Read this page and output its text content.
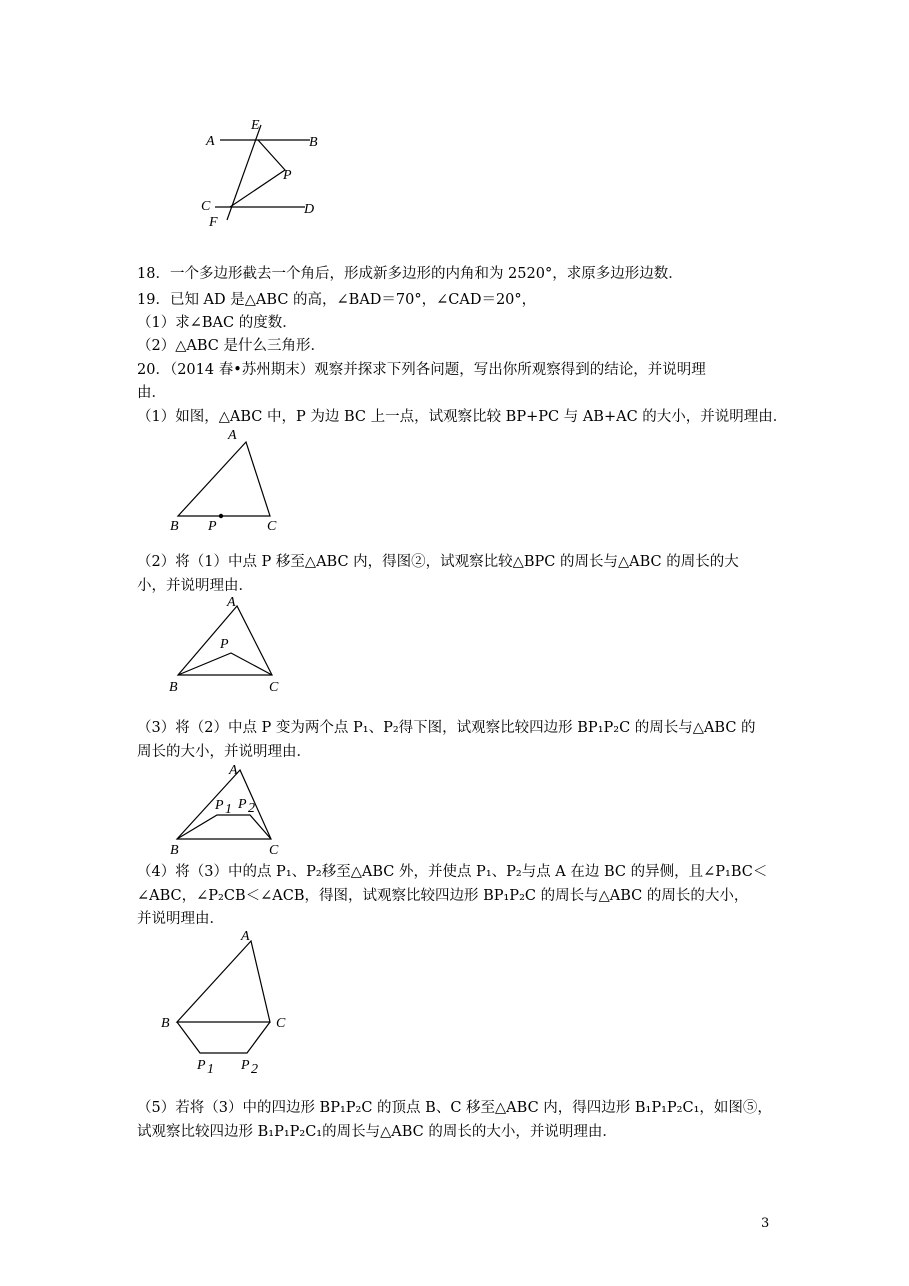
A	B
C	D
E
F
P
18．一个多边形截去一个角后，形成新多边形的内角和为 2520°，求原多边形边数．
19．已知 AD 是△ABC 的高，∠BAD＝70°，∠CAD＝20°，
（1）求∠BAC 的度数．
（2）△ABC 是什么三角形．
20．（2014 春•苏州期末）观察并探求下列各问题，写出你所观察得到的结论，并说明理
由．
（1）如图，△ABC 中，P 为边 BC 上一点，试观察比较 BP+PC 与 AB+AC 的大小，并说明理由．
A
B	C
P
（2）将（1）中点 P 移至△ABC 内，得图②，试观察比较△BPC 的周长与△ABC 的周长的大
小，并说明理由．
A
P
B	C
（3）将（2）中点 P 变为两个点 P₁、P₂得下图，试观察比较四边形 BP₁P₂C 的周长与△ABC 的
周长的大小，并说明理由．
A
P 1 P 2
B	C
（4）将（3）中的点 P₁、P₂移至△ABC 外，并使点 P₁、P₂与点 A 在边 BC 的异侧，且∠P₁BC＜
∠ABC，∠P₂CB＜∠ACB，得图，试观察比较四边形 BP₁P₂C 的周长与△ABC 的周长的大小，
并说明理由．
A
B	C
P 1 P 2
（5）若将（3）中的四边形 BP₁P₂C 的顶点 B、C 移至△ABC 内，得四边形 B₁P₁P₂C₁，如图⑤，
试观察比较四边形 B₁P₁P₂C₁的周长与△ABC 的周长的大小，并说明理由．
3
